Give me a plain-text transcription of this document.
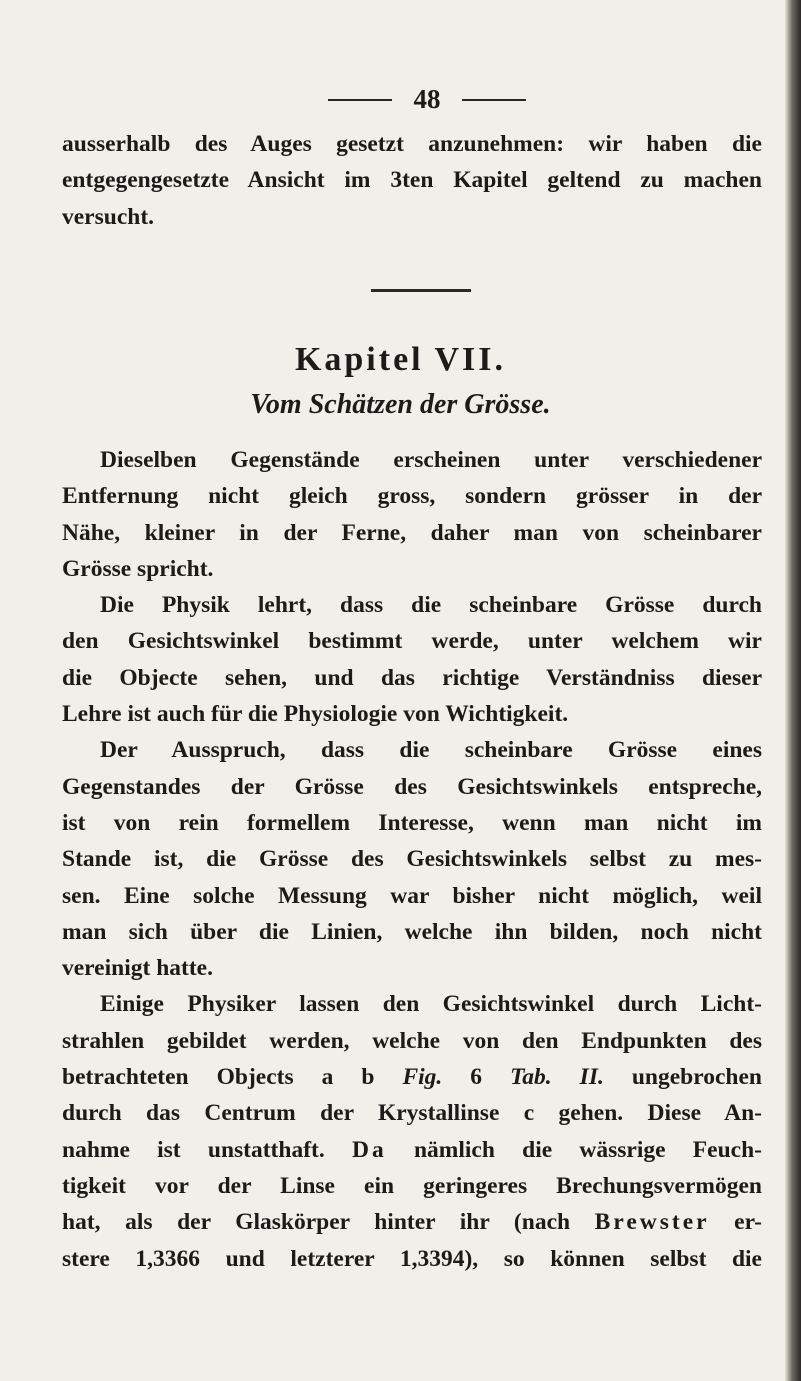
48
ausserhalb des Auges gesetzt anzunehmen: wir haben die
entgegengesetzte Ansicht im 3ten Kapitel geltend zu machen
versucht.
Kapitel VII.
Vom Schätzen der Grösse.
Dieselben Gegenstände erscheinen unter verschiedener
Entfernung nicht gleich gross, sondern grösser in der
Nähe, kleiner in der Ferne, daher man von scheinbarer
Grösse spricht.
Die Physik lehrt, dass die scheinbare Grösse durch
den Gesichtswinkel bestimmt werde, unter welchem wir
die Objecte sehen, und das richtige Verständniss dieser
Lehre ist auch für die Physiologie von Wichtigkeit.
Der Ausspruch, dass die scheinbare Grösse eines
Gegenstandes der Grösse des Gesichtswinkels entspreche,
ist von rein formellem Interesse, wenn man nicht im
Stande ist, die Grösse des Gesichtswinkels selbst zu mes-
sen. Eine solche Messung war bisher nicht möglich, weil
man sich über die Linien, welche ihn bilden, noch nicht
vereinigt hatte.
Einige Physiker lassen den Gesichtswinkel durch Licht-
strahlen gebildet werden, welche von den Endpunkten des
betrachteten Objects a b Fig. 6 Tab. II. ungebrochen
durch das Centrum der Krystallinse c gehen. Diese An-
nahme ist unstatthaft. Da nämlich die wässrige Feuch-
tigkeit vor der Linse ein geringeres Brechungsvermögen
hat, als der Glaskörper hinter ihr (nach Brewster er-
stere 1,3366 und letzterer 1,3394), so können selbst die
